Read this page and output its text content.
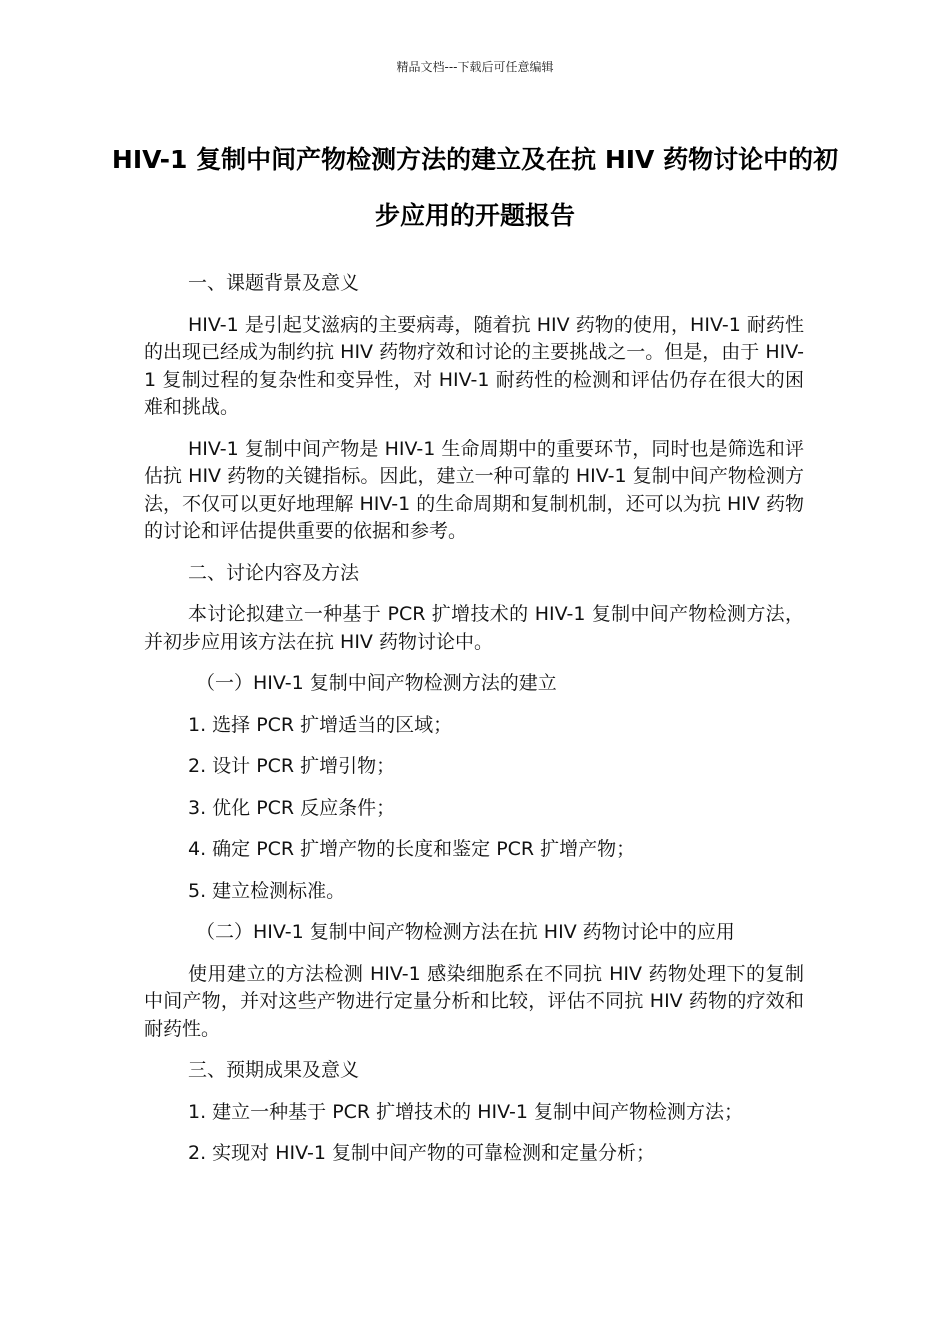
精品文档---下载后可任意编辑
HIV-1 复制中间产物检测方法的建立及在抗 HIV 药物讨论中的初步应用的开题报告

一、课题背景及意义

HIV-1 是引起艾滋病的主要病毒，随着抗 HIV 药物的使用，HIV-1 耐药性的出现已经成为制约抗 HIV 药物疗效和讨论的主要挑战之一。但是，由于 HIV-1 复制过程的复杂性和变异性，对 HIV-1 耐药性的检测和评估仍存在很大的困难和挑战。

HIV-1 复制中间产物是 HIV-1 生命周期中的重要环节，同时也是筛选和评估抗 HIV 药物的关键指标。因此，建立一种可靠的 HIV-1 复制中间产物检测方法，不仅可以更好地理解 HIV-1 的生命周期和复制机制，还可以为抗 HIV 药物的讨论和评估提供重要的依据和参考。

二、讨论内容及方法

本讨论拟建立一种基于 PCR 扩增技术的 HIV-1 复制中间产物检测方法，并初步应用该方法在抗 HIV 药物讨论中。

（一）HIV-1 复制中间产物检测方法的建立

1. 选择 PCR 扩增适当的区域；

2. 设计 PCR 扩增引物；

3. 优化 PCR 反应条件；

4. 确定 PCR 扩增产物的长度和鉴定 PCR 扩增产物；

5. 建立检测标准。

（二）HIV-1 复制中间产物检测方法在抗 HIV 药物讨论中的应用

使用建立的方法检测 HIV-1 感染细胞系在不同抗 HIV 药物处理下的复制中间产物，并对这些产物进行定量分析和比较，评估不同抗 HIV 药物的疗效和耐药性。

三、预期成果及意义

1. 建立一种基于 PCR 扩增技术的 HIV-1 复制中间产物检测方法；

2. 实现对 HIV-1 复制中间产物的可靠检测和定量分析；
